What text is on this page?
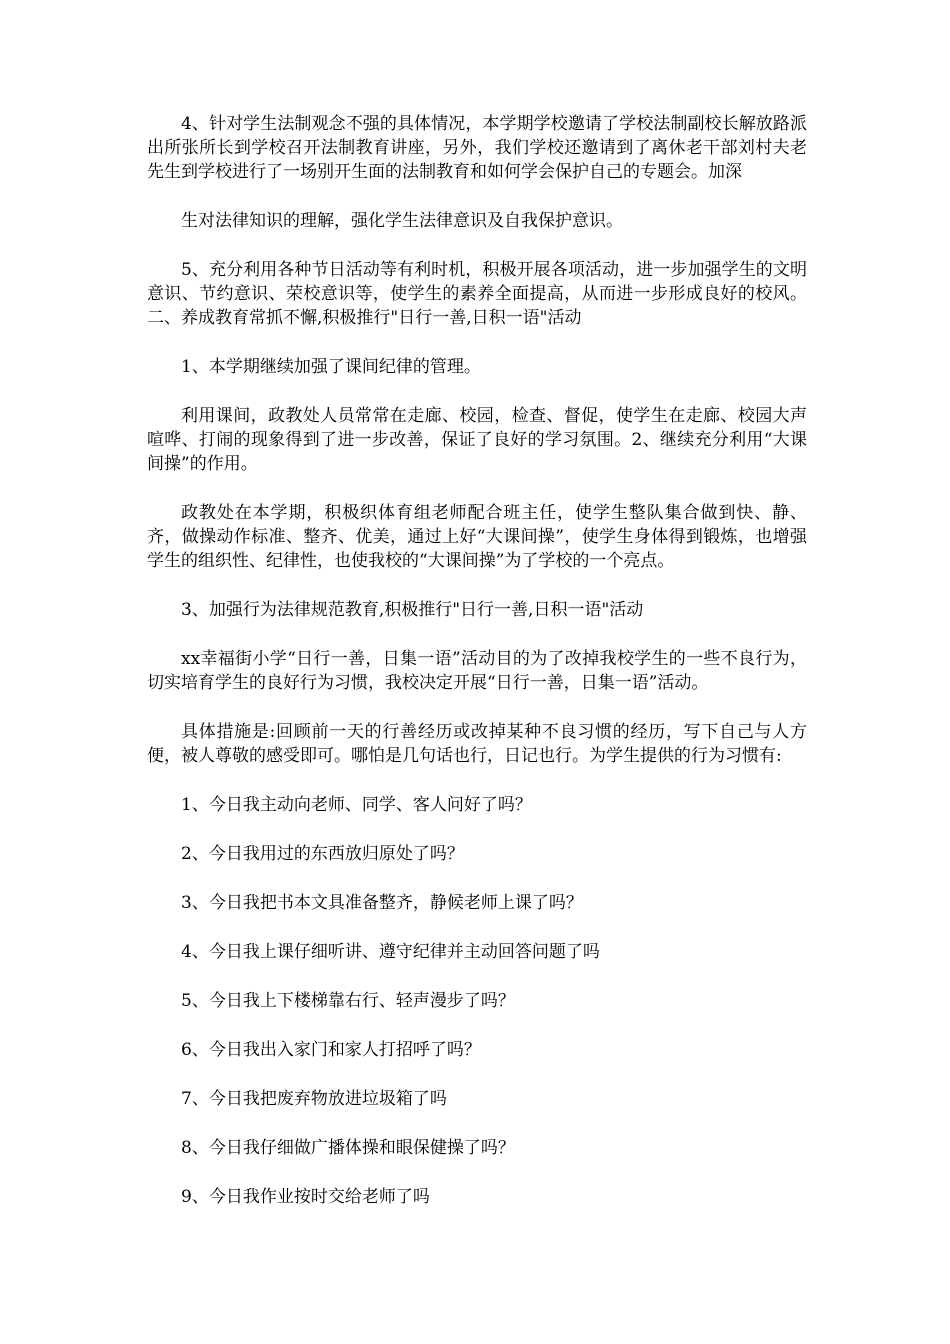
4、针对学生法制观念不强的具体情况，本学期学校邀请了学校法制副校长解放路派出所张所长到学校召开法制教育讲座，另外，我们学校还邀请到了离休老干部刘村夫老先生到学校进行了一场别开生面的法制教育和如何学会保护自己的专题会。加深

生对法律知识的理解，强化学生法律意识及自我保护意识。

5、充分利用各种节日活动等有利时机，积极开展各项活动，进一步加强学生的文明意识、节约意识、荣校意识等，使学生的素养全面提高，从而进一步形成良好的校风。二、养成教育常抓不懈,积极推行"日行一善,日积一语"活动

1、本学期继续加强了课间纪律的管理。

利用课间，政教处人员常常在走廊、校园，检查、督促，使学生在走廊、校园大声喧哗、打闹的现象得到了进一步改善，保证了良好的学习氛围。2、继续充分利用“大课间操”的作用。

政教处在本学期，积极织体育组老师配合班主任，使学生整队集合做到快、静、齐，做操动作标准、整齐、优美，通过上好“大课间操”，使学生身体得到锻炼，也增强学生的组织性、纪律性，也使我校的“大课间操”为了学校的一个亮点。

3、加强行为法律规范教育,积极推行"日行一善,日积一语"活动

xx幸福街小学“日行一善，日集一语”活动目的为了改掉我校学生的一些不良行为，切实培育学生的良好行为习惯，我校决定开展“日行一善，日集一语”活动。

具体措施是:回顾前一天的行善经历或改掉某种不良习惯的经历，写下自己与人方便，被人尊敬的感受即可。哪怕是几句话也行，日记也行。为学生提供的行为习惯有:

1、今日我主动向老师、同学、客人问好了吗？

2、今日我用过的东西放归原处了吗？

3、今日我把书本文具准备整齐，静候老师上课了吗？

4、今日我上课仔细听讲、遵守纪律并主动回答问题了吗

5、今日我上下楼梯靠右行、轻声漫步了吗？

6、今日我出入家门和家人打招呼了吗？

7、今日我把废弃物放进垃圾箱了吗

8、今日我仔细做广播体操和眼保健操了吗？

9、今日我作业按时交给老师了吗
